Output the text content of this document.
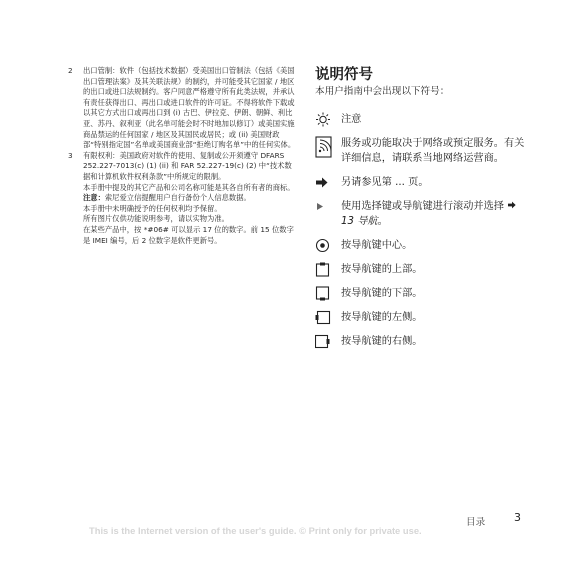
2	出口管制：软件（包括技术数据）受美国出口管制法（包括《美国出口管理法案》及其关联法规）的制约，并可能受其它国家 / 地区的出口或进口法规制约。客户同意严格遵守所有此类法规，并承认有责任获得出口、再出口或进口软件的许可证。不得将软件下载或以其它方式出口或再出口到 (i) 古巴、伊拉克、伊朗、朝鲜、利比亚、苏丹、叙利亚（此名单可能会时不时地加以修订）或美国实施商品禁运的任何国家 / 地区及其国民或居民；或 (ii) 美国财政部“特别指定国”名单或美国商业部“拒绝订购名单”中的任何实体。
3	有限权利：美国政府对软件的使用、复制或公开须遵守 DFARS 252.227-7013(c) (1) (ii) 和 FAR 52.227-19(c) (2) 中“技术数据和计算机软件权利条款”中所规定的限制。
本手册中提及的其它产品和公司名称可能是其各自所有者的商标。
注意：索尼爱立信提醒用户自行备份个人信息数据。
本手册中未明确授予的任何权利均予保留。
所有图片仅供功能说明参考，请以实物为准。
在某些产品中，按 *#06# 可以显示 17 位的数字。前 15 位数字是 IMEI 编号，后 2 位数字是软件更新号。
说明符号
本用户指南中会出现以下符号：
注意
服务或功能取决于网络或预定服务。有关详细信息，请联系当地网络运营商。
另请参见第 ... 页。
使用选择键或导航键进行滚动并选择  13 导航。
按导航键中心。
按导航键的上部。
按导航键的下部。
按导航键的左侧。
按导航键的右侧。
目录	3
This is the Internet version of the user's guide. © Print only for private use.
